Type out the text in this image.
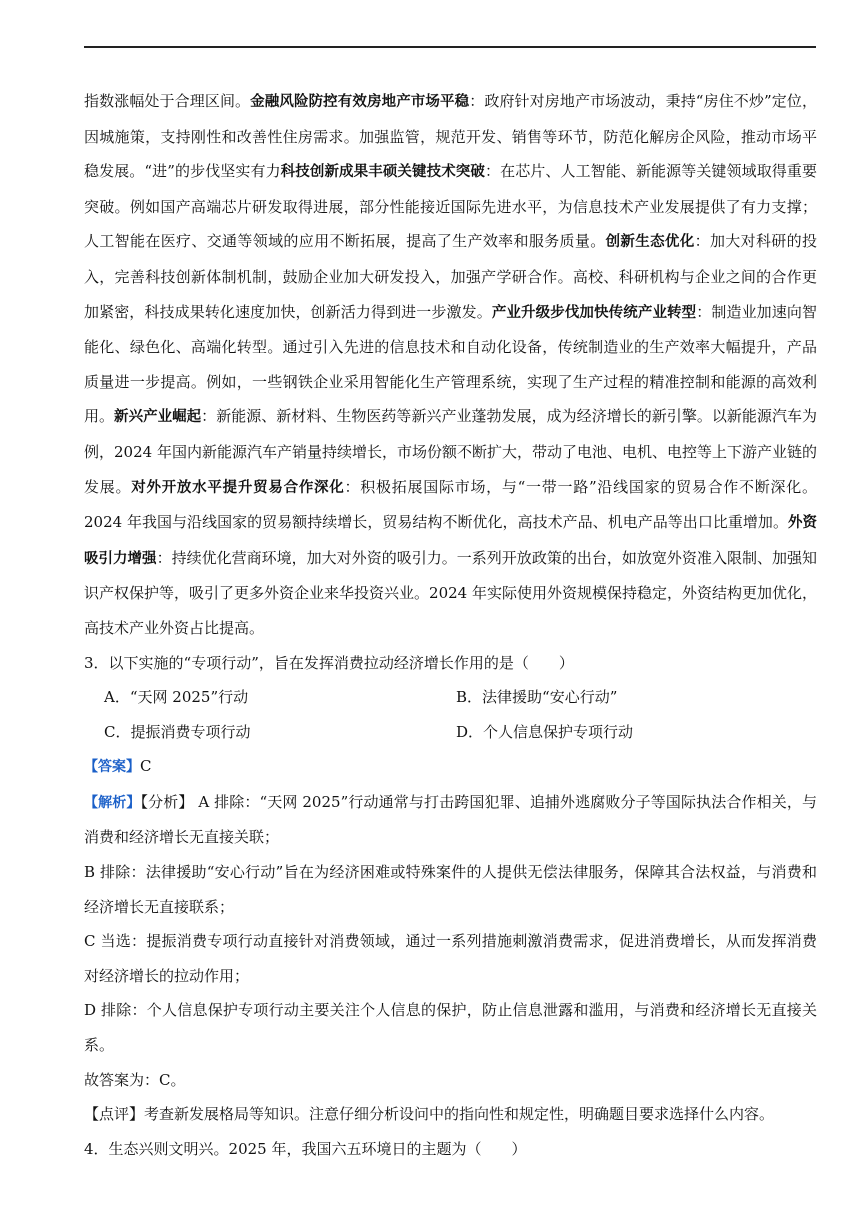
指数涨幅处于合理区间。金融风险防控有效房地产市场平稳：政府针对房地产市场波动，秉持“房住不炒”定位，因城施策，支持刚性和改善性住房需求。加强监管，规范开发、销售等环节，防范化解房企风险，推动市场平稳发展。“进”的步伐坚实有力科技创新成果丰硕关键技术突破：在芯片、人工智能、新能源等关键领域取得重要突破。例如国产高端芯片研发取得进展，部分性能接近国际先进水平，为信息技术产业发展提供了有力支撑；人工智能在医疗、交通等领域的应用不断拓展，提高了生产效率和服务质量。创新生态优化：加大对科研的投入，完善科技创新体制机制，鼓励企业加大研发投入，加强产学研合作。高校、科研机构与企业之间的合作更加紧密，科技成果转化速度加快，创新活力得到进一步激发。产业升级步伐加快传统产业转型：制造业加速向智能化、绿色化、高端化转型。通过引入先进的信息技术和自动化设备，传统制造业的生产效率大幅提升，产品质量进一步提高。例如，一些钢铁企业采用智能化生产管理系统，实现了生产过程的精准控制和能源的高效利用。新兴产业崛起：新能源、新材料、生物医药等新兴产业蓬勃发展，成为经济增长的新引擎。以新能源汽车为例，2024 年国内新能源汽车产销量持续增长，市场份额不断扩大，带动了电池、电机、电控等上下游产业链的发展。对外开放水平提升贸易合作深化：积极拓展国际市场，与“一带一路”沿线国家的贸易合作不断深化。2024 年我国与沿线国家的贸易额持续增长，贸易结构不断优化，高技术产品、机电产品等出口比重增加。外资吸引力增强：持续优化营商环境，加大对外资的吸引力。一系列开放政策的出台，如放宽外资准入限制、加强知识产权保护等，吸引了更多外资企业来华投资兴业。2024 年实际使用外资规模保持稳定，外资结构更加优化，高技术产业外资占比提高。

3．以下实施的“专项行动”，旨在发挥消费拉动经济增长作用的是（　　）

A．“天网 2025”行动	B．法律援助“安心行动”
C．提振消费专项行动	D．个人信息保护专项行动

【答案】C

【解析】【分析】 A 排除：“天网 2025”行动通常与打击跨国犯罪、追捕外逃腐败分子等国际执法合作相关，与消费和经济增长无直接关联；

B 排除：法律援助“安心行动”旨在为经济困难或特殊案件的人提供无偿法律服务，保障其合法权益，与消费和经济增长无直接联系；

C 当选：提振消费专项行动直接针对消费领域，通过一系列措施刺激消费需求，促进消费增长，从而发挥消费对经济增长的拉动作用；

D 排除：个人信息保护专项行动主要关注个人信息的保护，防止信息泄露和滥用，与消费和经济增长无直接关系。

故答案为：C。

【点评】考查新发展格局等知识。注意仔细分析设问中的指向性和规定性，明确题目要求选择什么内容。

4．生态兴则文明兴。2025 年，我国六五环境日的主题为（　　）
